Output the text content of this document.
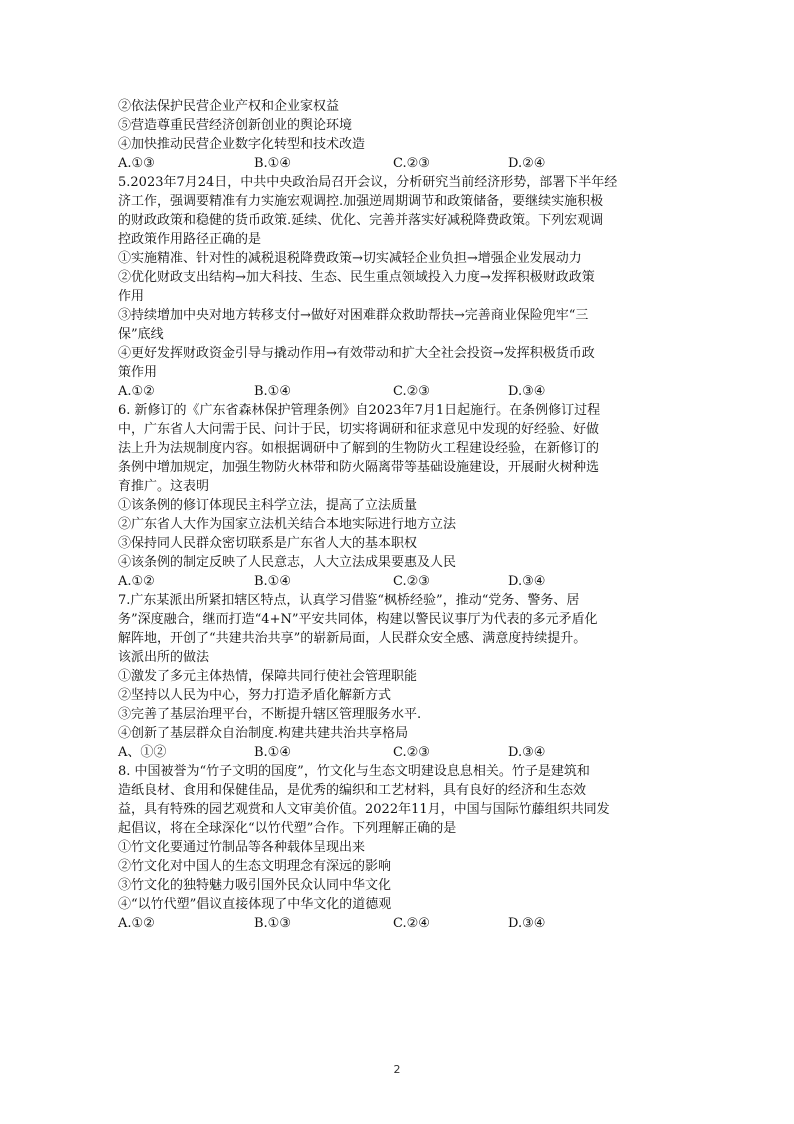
②依法保护民营企业产权和企业家权益
⑤营造尊重民营经济创新创业的舆论环境
④加快推动民营企业数字化转型和技术改造
A.①③	B.①④	C.②③	D.②④
5.2023年7月24日，中共中央政治局召开会议，分析研究当前经济形势，部署下半年经
济工作，强调要精准有力实施宏观调控.加强逆周期调节和政策储备，要继续实施积极
的财政政策和稳健的货币政策.延续、优化、完善并落实好减税降费政策。下列宏观调
控政策作用路径正确的是
①实施精准、针对性的减税退税降费政策→切实减轻企业负担→增强企业发展动力
②优化财政支出结构→加大科技、生态、民生重点领域投入力度→发挥积极财政政策
作用
③持续增加中央对地方转移支付→做好对困难群众救助帮扶→完善商业保险兜牢“三
保”底线
④更好发挥财政资金引导与撬动作用→有效带动和扩大全社会投资→发挥积极货币政
策作用
A.①②	B.①④	C.②③	D.③④
6. 新修订的《广东省森林保护管理条例》自2023年7月1日起施行。在条例修订过程
中，广东省人大问需于民、问计于民，切实将调研和征求意见中发现的好经验、好做
法上升为法规制度内容。如根据调研中了解到的生物防火工程建设经验，在新修订的
条例中增加规定，加强生物防火林带和防火隔离带等基础设施建设，开展耐火树种选
育推广。这表明
①该条例的修订体现民主科学立法，提高了立法质量
②广东省人大作为国家立法机关结合本地实际进行地方立法
③保持同人民群众密切联系是广东省人大的基本职权
④该条例的制定反映了人民意志，人大立法成果要惠及人民
A.①②	B.①④	C.②③	D.③④
7.广东某派出所紧扣辖区特点，认真学习借鉴“枫桥经验”，推动“党务、警务、居
务”深度融合，继而打造“4+N”平安共同体，构建以警民议事厅为代表的多元矛盾化
解阵地，开创了“共建共治共享”的崭新局面，人民群众安全感、满意度持续提升。
该派出所的做法
①激发了多元主体热情，保障共同行使社会管理职能
②坚持以人民为中心，努力打造矛盾化解新方式
③完善了基层治理平台，不断提升辖区管理服务水平.
④创新了基层群众自治制度.构建共建共治共享格局
A、①②	B.①④	C.②③	D.③④
8. 中国被誉为“竹子文明的国度”，竹文化与生态文明建设息息相关。竹子是建筑和
造纸良材、食用和保健佳品，是优秀的编织和工艺材料，具有良好的经济和生态效
益，具有特殊的园艺观赏和人文审美价值。2022年11月，中国与国际竹藤组织共同发
起倡议，将在全球深化“以竹代塑”合作。下列理解正确的是
①竹文化要通过竹制品等各种载体呈现出来
②竹文化对中国人的生态文明理念有深远的影响
③竹文化的独特魅力吸引国外民众认同中华文化
④“以竹代塑”倡议直接体现了中华文化的道德观
A.①②	B.①③	C.②④	D.③④
2
